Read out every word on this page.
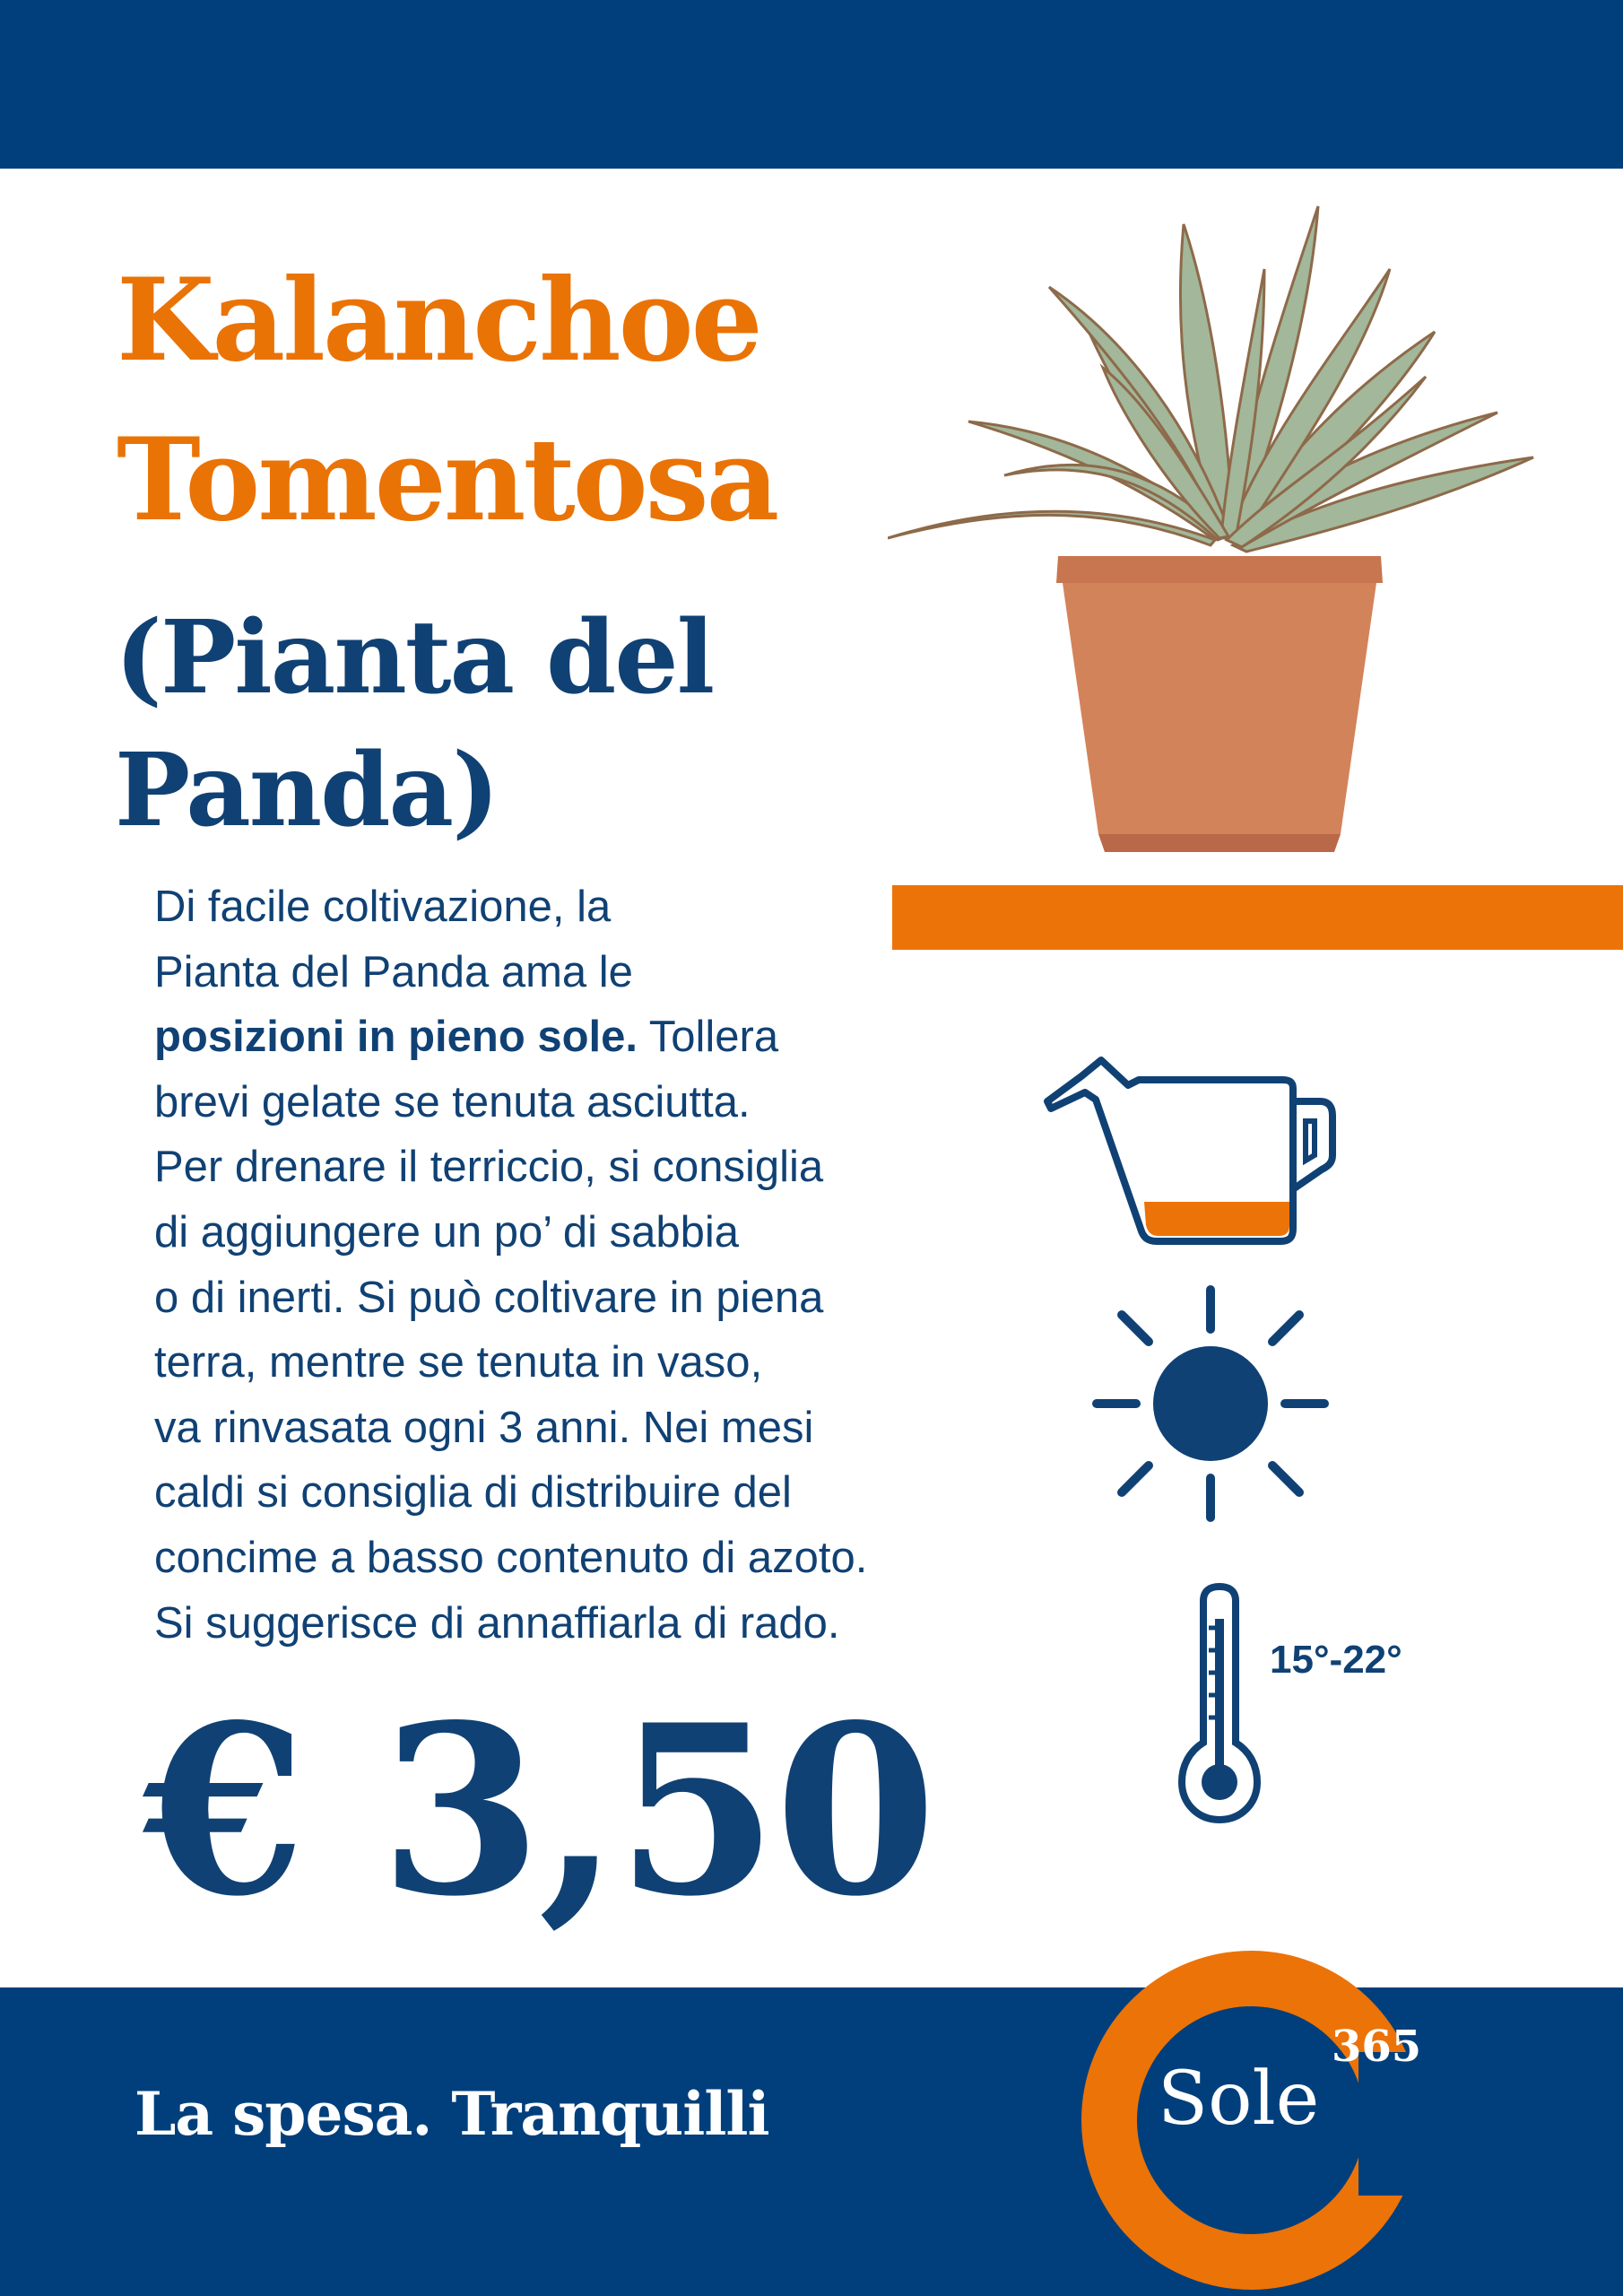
Kalanchoe
Tomentosa
(Pianta del
Panda)
Di facile coltivazione, la
Pianta del Panda ama le
posizioni in pieno sole. Tollera
brevi gelate se tenuta asciutta.
Per drenare il terriccio, si consiglia
di aggiungere un po’ di sabbia
o di inerti. Si può coltivare in piena
terra, mentre se tenuta in vaso,
va rinvasata ogni 3 anni. Nei mesi
caldi si consiglia di distribuire del
concime a basso contenuto di azoto.
Si suggerisce di annaffiarla di rado.
15°-22°
€ 3,50
La spesa. Tranquilli	Sole
365
